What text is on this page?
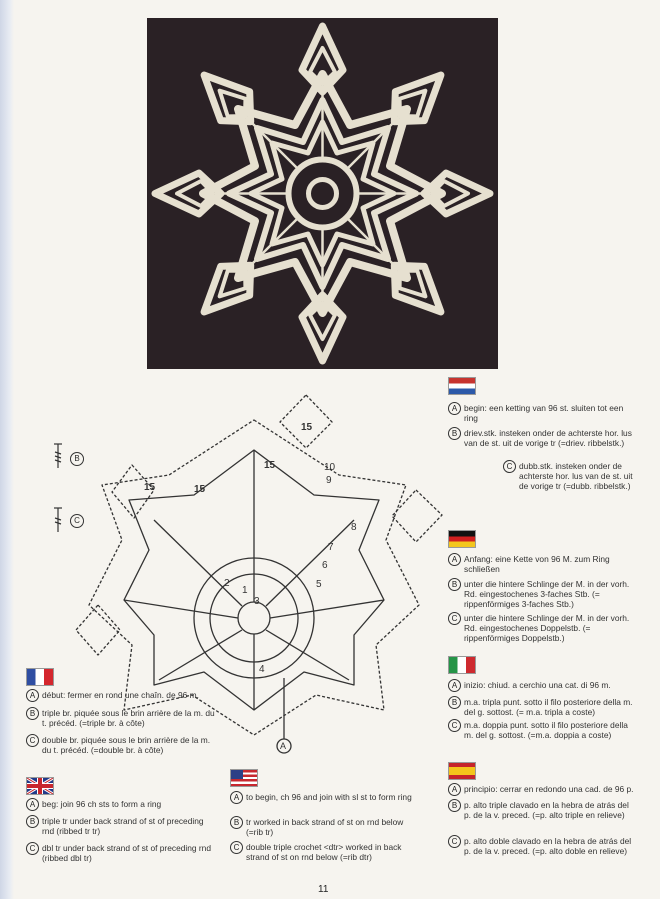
1
2
3
4
5
6
7
8
9
10
15
15
15
15
A
B
C
A begin: een ketting van 96 st. sluiten tot een ring
B driev.stk. insteken onder de achterste hor. lus van de st. uit de vorige tr (=driev. ribbelstk.)
C dubb.stk. insteken onder de achterste hor. lus van de st. uit de vorige tr (=dubb. ribbelstk.)
A Anfang: eine Kette von 96 M. zum Ring schließen
B unter die hintere Schlinge der M. in der vorh. Rd. eingestochenes 3-faches Stb. (= rippenförmiges 3-faches Stb.)
C unter die hintere Schlinge der M. in der vorh. Rd. eingestochenes Doppelstb. (= rippenförmiges Doppelstb.)
A inizio: chiud. a cerchio una cat. di 96 m.
B m.a. tripla punt. sotto il filo posteriore della m. del g. sottost. (= m.a. tripla a coste)
C m.a. doppia punt. sotto il filo posteriore della m. del g. sottost. (=m.a. doppia a coste)
A principio: cerrar en redondo una cad. de 96 p.
B p. alto triple clavado en la hebra de atrás del p. de la v. preced. (=p. alto triple en relieve)
C p. alto doble clavado en la hebra de atrás del p. de la v. preced. (=p. alto doble en relieve)
A début: fermer en rond une chaîn. de 96 m.
B triple br. piquée sous le brin arrière de la m. du t. précéd. (=triple br. à côte)
C double br. piquée sous le brin arrière de la m. du t. précéd. (=double br. à côte)
A beg: join 96 ch sts to form a ring
B triple tr under back strand of st of preceding rnd (ribbed tr tr)
C dbl tr under back strand of st of preceding rnd (ribbed dbl tr)
A to begin, ch 96 and join with sl st to form ring
B tr worked in back strand of st on rnd below (=rib tr)
C double triple crochet <dtr> worked in back strand of st on rnd below (=rib dtr)
11
